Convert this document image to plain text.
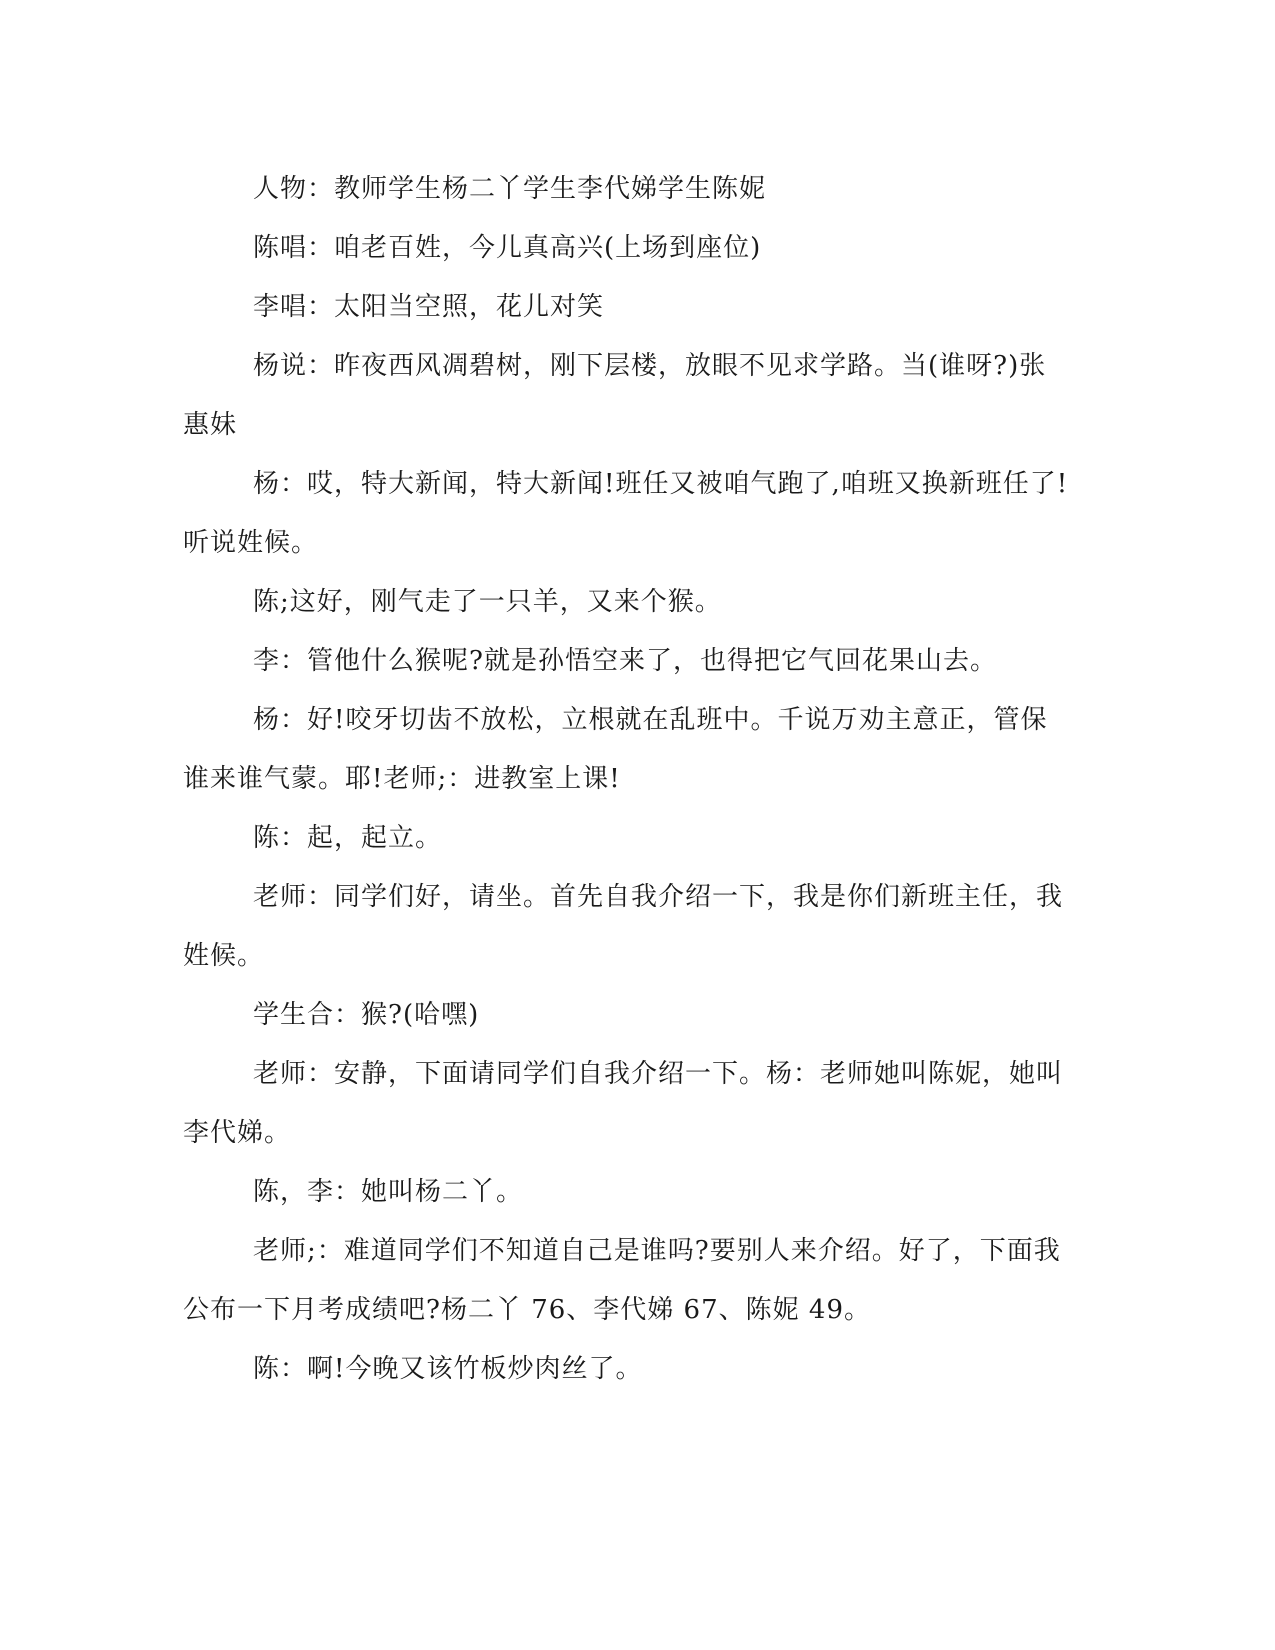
人物：教师学生杨二丫学生李代娣学生陈妮

陈唱：咱老百姓，今儿真高兴(上场到座位)

李唱：太阳当空照，花儿对笑

杨说：昨夜西风凋碧树，刚下层楼，放眼不见求学路。当(谁呀?)张惠妹

杨：哎，特大新闻，特大新闻!班任又被咱气跑了,咱班又换新班任了!听说姓候。

陈;这好，刚气走了一只羊，又来个猴。

李：管他什么猴呢?就是孙悟空来了，也得把它气回花果山去。

杨：好!咬牙切齿不放松，立根就在乱班中。千说万劝主意正，管保谁来谁气蒙。耶!老师;：进教室上课!

陈：起，起立。

老师：同学们好，请坐。首先自我介绍一下，我是你们新班主任，我姓候。

学生合：猴?(哈嘿)

老师：安静，下面请同学们自我介绍一下。杨：老师她叫陈妮，她叫李代娣。

陈，李：她叫杨二丫。

老师;：难道同学们不知道自己是谁吗?要别人来介绍。好了，下面我公布一下月考成绩吧?杨二丫 76、李代娣 67、陈妮 49。

陈：啊!今晚又该竹板炒肉丝了。
